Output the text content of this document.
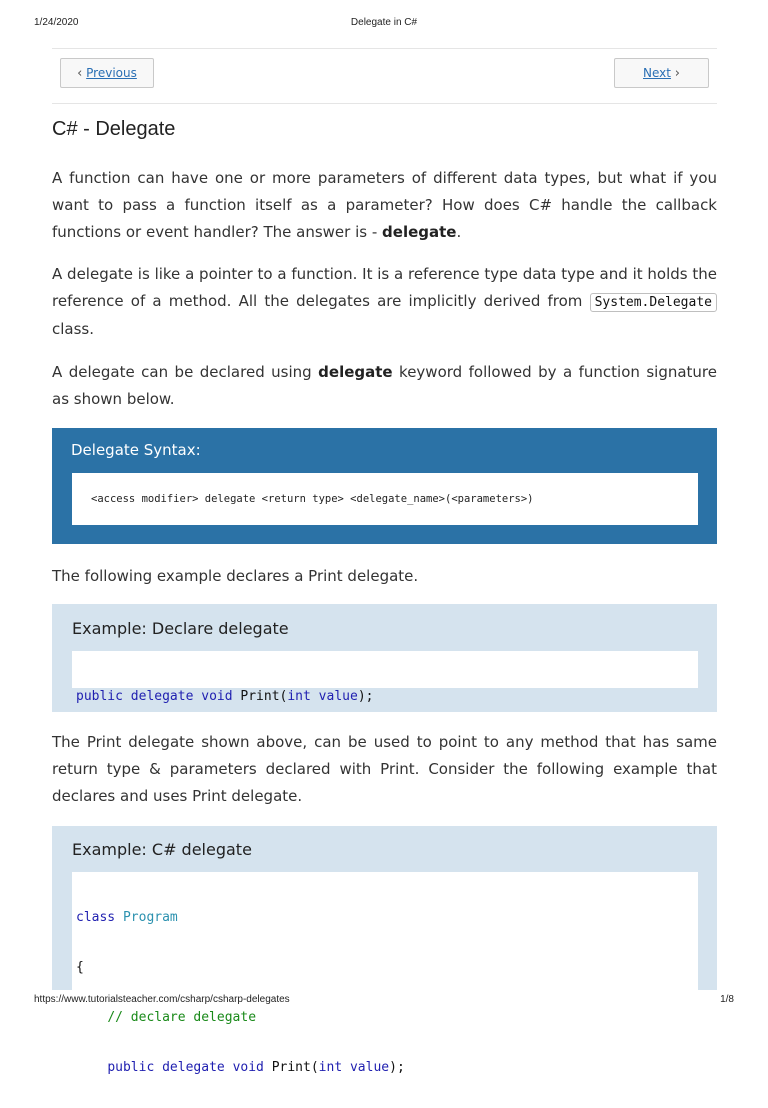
1/24/2020	Delegate in C#
‹ Previous	Next ›
C# - Delegate

A function can have one or more parameters of different data types, but what if you want to pass a function itself as a parameter? How does C# handle the callback functions or event handler? The answer is - delegate.

A delegate is like a pointer to a function. It is a reference type data type and it holds the reference of a method. All the delegates are implicitly derived from System.Delegate class.

A delegate can be declared using delegate keyword followed by a function signature as shown below.

Delegate Syntax:
<access modifier> delegate <return type> <delegate_name>(<parameters>)

The following example declares a Print delegate.

Example: Declare delegate

public delegate void Print(int value);

The Print delegate shown above, can be used to point to any method that has same return type & parameters declared with Print. Consider the following example that declares and uses Print delegate.

Example: C# delegate

class Program

{

// declare delegate

public delegate void Print(int value);

https://www.tutorialsteacher.com/csharp/csharp-delegates	1/8
